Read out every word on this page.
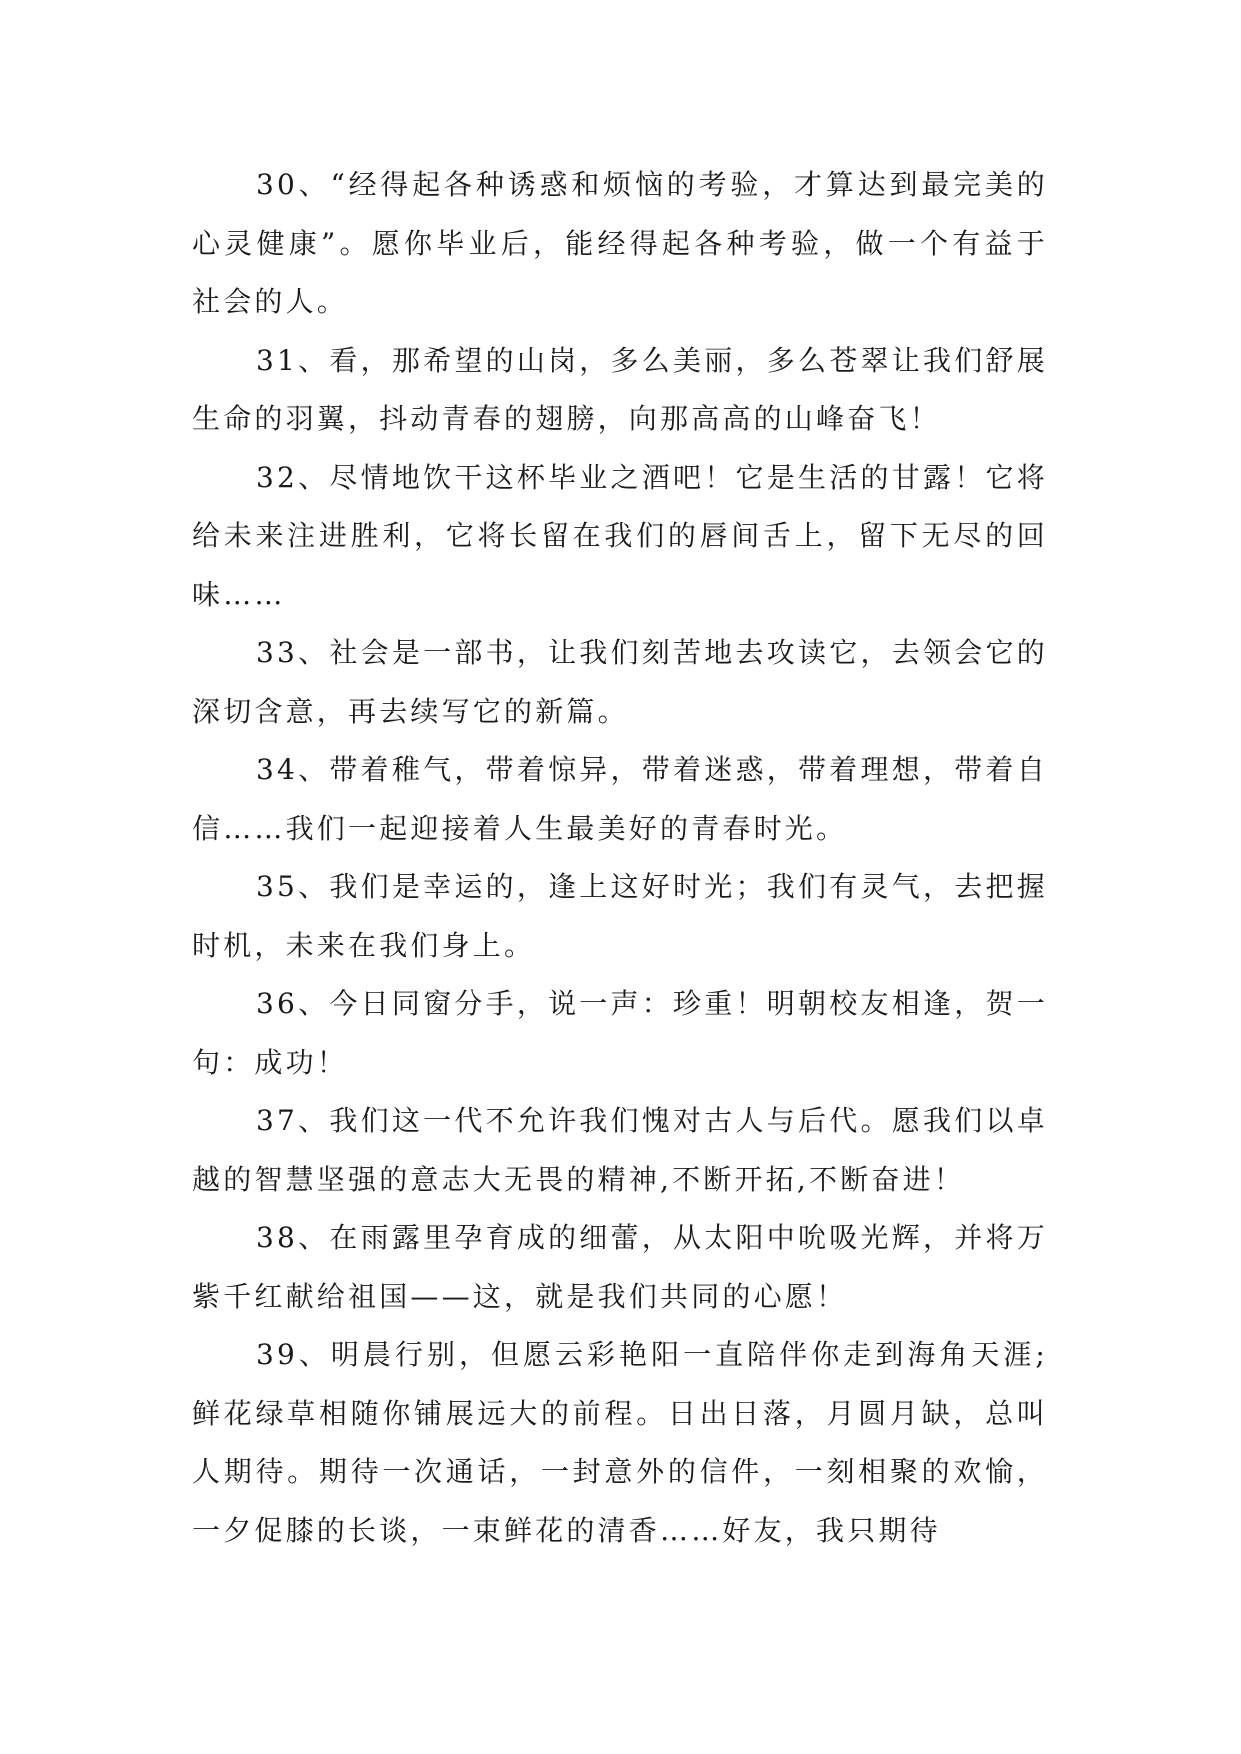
30、“经得起各种诱惑和烦恼的考验，才算达到最完美的心灵健康”。愿你毕业后，能经得起各种考验，做一个有益于社会的人。

31、看，那希望的山岗，多么美丽，多么苍翠让我们舒展生命的羽翼，抖动青春的翅膀，向那高高的山峰奋飞！

32、尽情地饮干这杯毕业之酒吧！它是生活的甘露！它将给未来注进胜利，它将长留在我们的唇间舌上，留下无尽的回味……

33、社会是一部书，让我们刻苦地去攻读它，去领会它的深切含意，再去续写它的新篇。

34、带着稚气，带着惊异，带着迷惑，带着理想，带着自信……我们一起迎接着人生最美好的青春时光。

35、我们是幸运的，逢上这好时光；我们有灵气，去把握时机，未来在我们身上。

36、今日同窗分手，说一声：珍重！明朝校友相逢，贺一句：成功！

37、我们这一代不允许我们愧对古人与后代。愿我们以卓越的智慧坚强的意志大无畏的精神,不断开拓,不断奋进！

38、在雨露里孕育成的细蕾，从太阳中吮吸光辉，并将万紫千红献给祖国——这，就是我们共同的心愿！

39、明晨行别，但愿云彩艳阳一直陪伴你走到海角天涯;鲜花绿草相随你铺展远大的前程。日出日落，月圆月缺，总叫人期待。期待一次通话，一封意外的信件，一刻相聚的欢愉，一夕促膝的长谈，一束鲜花的清香……好友，我只期待
